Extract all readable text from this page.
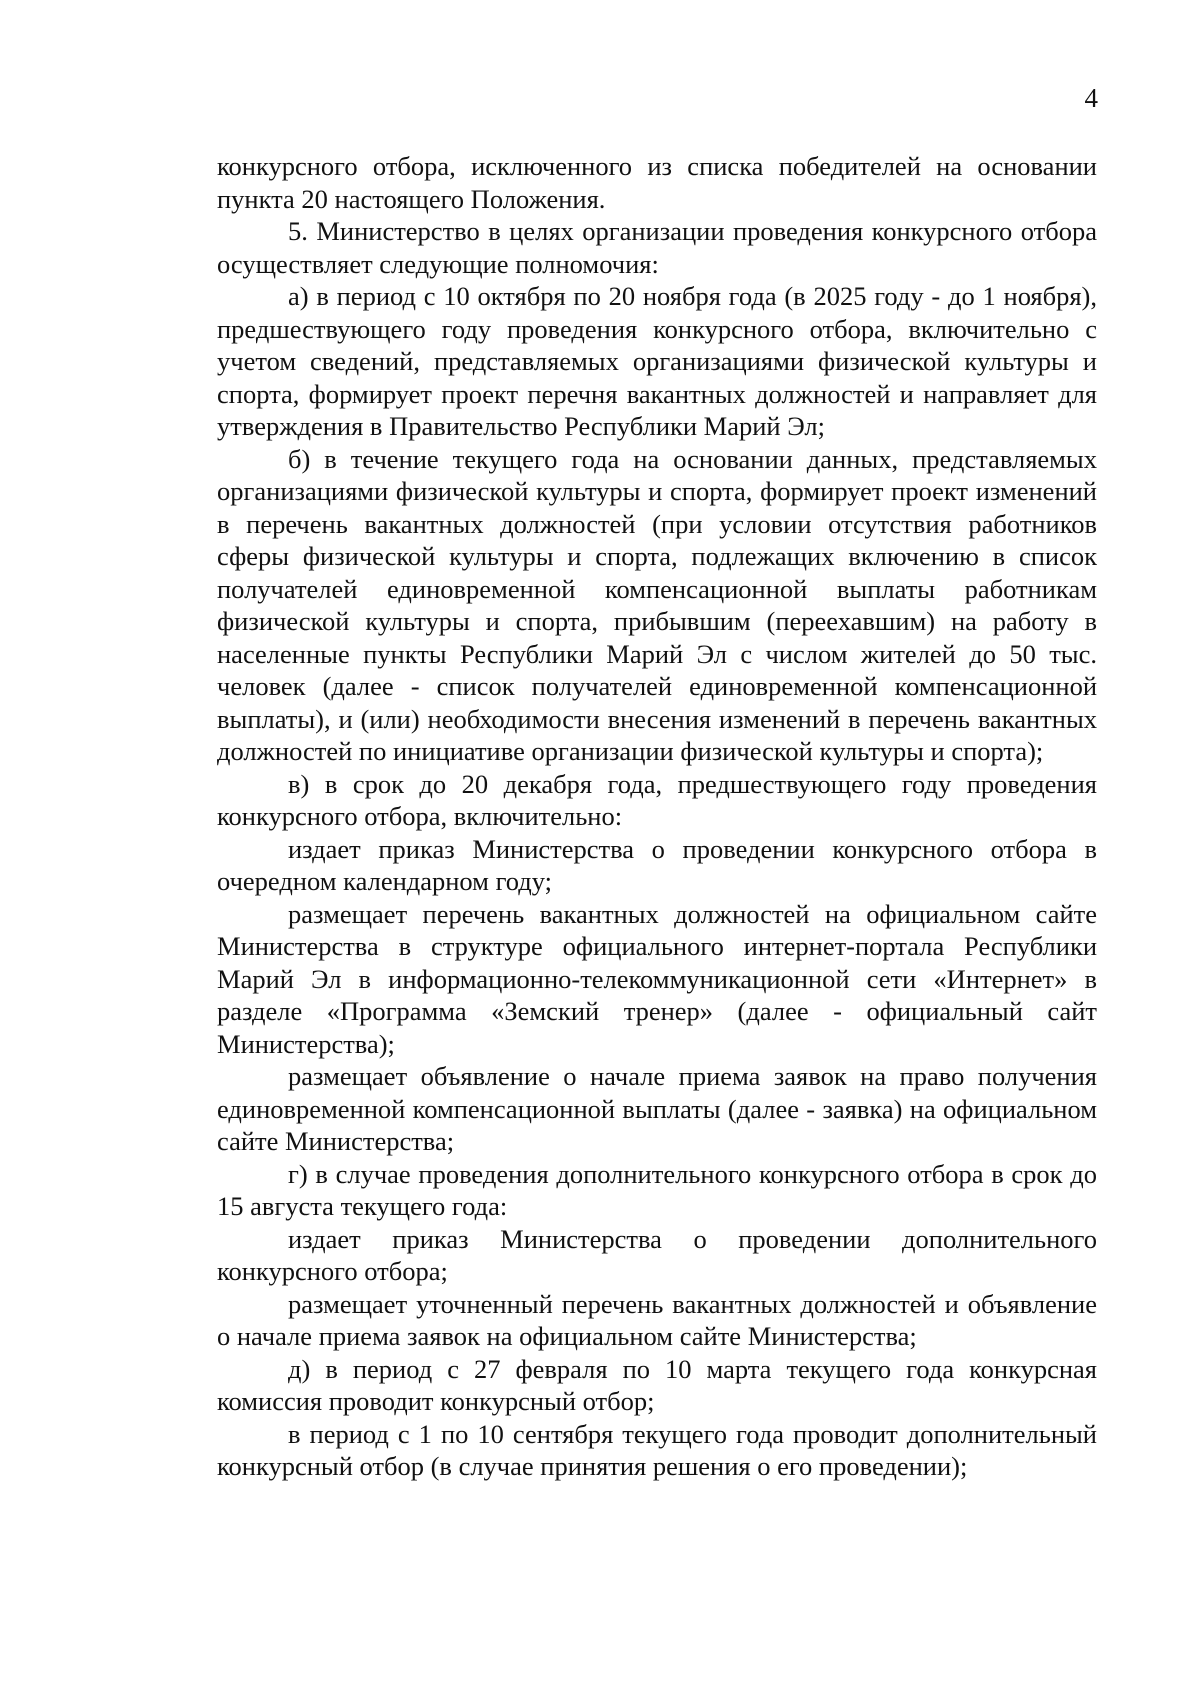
4

конкурсного отбора, исключенного из списка победителей на основании пункта 20 настоящего Положения.

5. Министерство в целях организации проведения конкурсного отбора осуществляет следующие полномочия:

а) в период с 10 октября по 20 ноября года (в 2025 году - до 1 ноября), предшествующего году проведения конкурсного отбора, включительно с учетом сведений, представляемых организациями физической культуры и спорта, формирует проект перечня вакантных должностей и направляет для утверждения в Правительство Республики Марий Эл;

б) в течение текущего года на основании данных, представляемых организациями физической культуры и спорта, формирует проект изменений в перечень вакантных должностей (при условии отсутствия работников сферы физической культуры и спорта, подлежащих включению в список получателей единовременной компенсационной выплаты работникам физической культуры и спорта, прибывшим (переехавшим) на работу в населенные пункты Республики Марий Эл с числом жителей до 50 тыс. человек (далее - список получателей единовременной компенсационной выплаты), и (или) необходимости внесения изменений в перечень вакантных должностей по инициативе организации физической культуры и спорта);

в) в срок до 20 декабря года, предшествующего году проведения конкурсного отбора, включительно:

издает приказ Министерства о проведении конкурсного отбора в очередном календарном году;

размещает перечень вакантных должностей на официальном сайте Министерства в структуре официального интернет-портала Республики Марий Эл в информационно-телекоммуникационной сети «Интернет» в разделе «Программа «Земский тренер» (далее - официальный сайт Министерства);

размещает объявление о начале приема заявок на право получения единовременной компенсационной выплаты (далее - заявка) на официальном сайте Министерства;

г) в случае проведения дополнительного конкурсного отбора в срок до 15 августа текущего года:

издает приказ Министерства о проведении дополнительного конкурсного отбора;

размещает уточненный перечень вакантных должностей и объявление о начале приема заявок на официальном сайте Министерства;

д) в период с 27 февраля по 10 марта текущего года конкурсная комиссия проводит конкурсный отбор;

в период с 1 по 10 сентября текущего года проводит дополнительный конкурсный отбор (в случае принятия решения о его проведении);
